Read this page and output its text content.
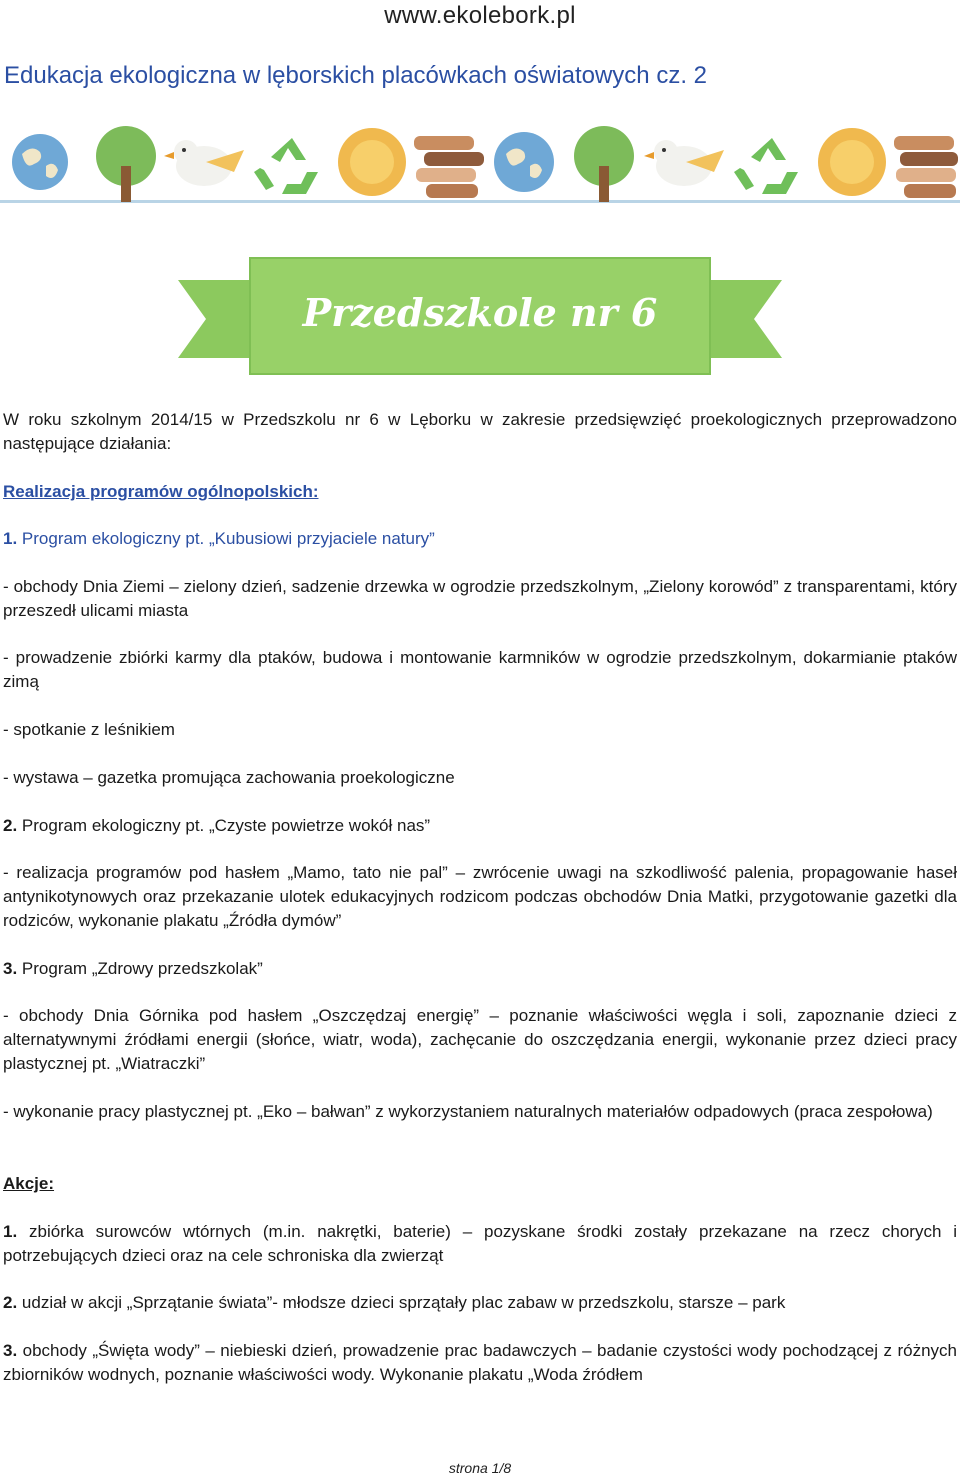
www.ekolebork.pl
Edukacja ekologiczna w lęborskich placówkach oświatowych cz. 2
Przedszkole nr 6
W roku szkolnym 2014/15 w Przedszkolu nr 6 w Lęborku w zakresie przedsięwzięć proekologicznych przeprowadzono następujące działania:
Realizacja programów ogólnopolskich:
1. Program ekologiczny pt. „Kubusiowi przyjaciele natury”
- obchody Dnia Ziemi – zielony dzień, sadzenie drzewka w ogrodzie przedszkolnym, „Zielony korowód” z transparentami, który przeszedł ulicami miasta
- prowadzenie zbiórki karmy dla ptaków, budowa i montowanie karmników w ogrodzie przedszkolnym, dokarmianie ptaków zimą
- spotkanie z leśnikiem
- wystawa – gazetka promująca zachowania proekologiczne
2. Program ekologiczny pt. „Czyste powietrze wokół nas”
- realizacja programów pod hasłem „Mamo, tato nie pal” – zwrócenie uwagi na szkodliwość palenia, propagowanie haseł antynikotynowych oraz przekazanie ulotek edukacyjnych rodzicom podczas obchodów Dnia Matki, przygotowanie gazetki dla rodziców, wykonanie plakatu „Źródła dymów”
3. Program „Zdrowy przedszkolak”
- obchody Dnia Górnika pod hasłem „Oszczędzaj energię” – poznanie właściwości węgla i soli, zapoznanie dzieci z alternatywnymi źródłami energii (słońce, wiatr, woda), zachęcanie do oszczędzania energii, wykonanie przez dzieci pracy plastycznej pt. „Wiatraczki”
- wykonanie pracy plastycznej pt. „Eko – bałwan” z wykorzystaniem naturalnych materiałów odpadowych (praca zespołowa)
Akcje:
1. zbiórka surowców wtórnych (m.in. nakrętki, baterie) – pozyskane środki zostały przekazane na rzecz chorych i potrzebujących dzieci oraz na cele schroniska dla zwierząt
2. udział w akcji „Sprzątanie świata”- młodsze dzieci sprzątały plac zabaw w przedszkolu, starsze – park
3. obchody „Święta wody” – niebieski dzień, prowadzenie prac badawczych – badanie czystości wody pochodzącej z różnych zbiorników wodnych, poznanie właściwości wody. Wykonanie plakatu „Woda źródłem
strona 1/8
